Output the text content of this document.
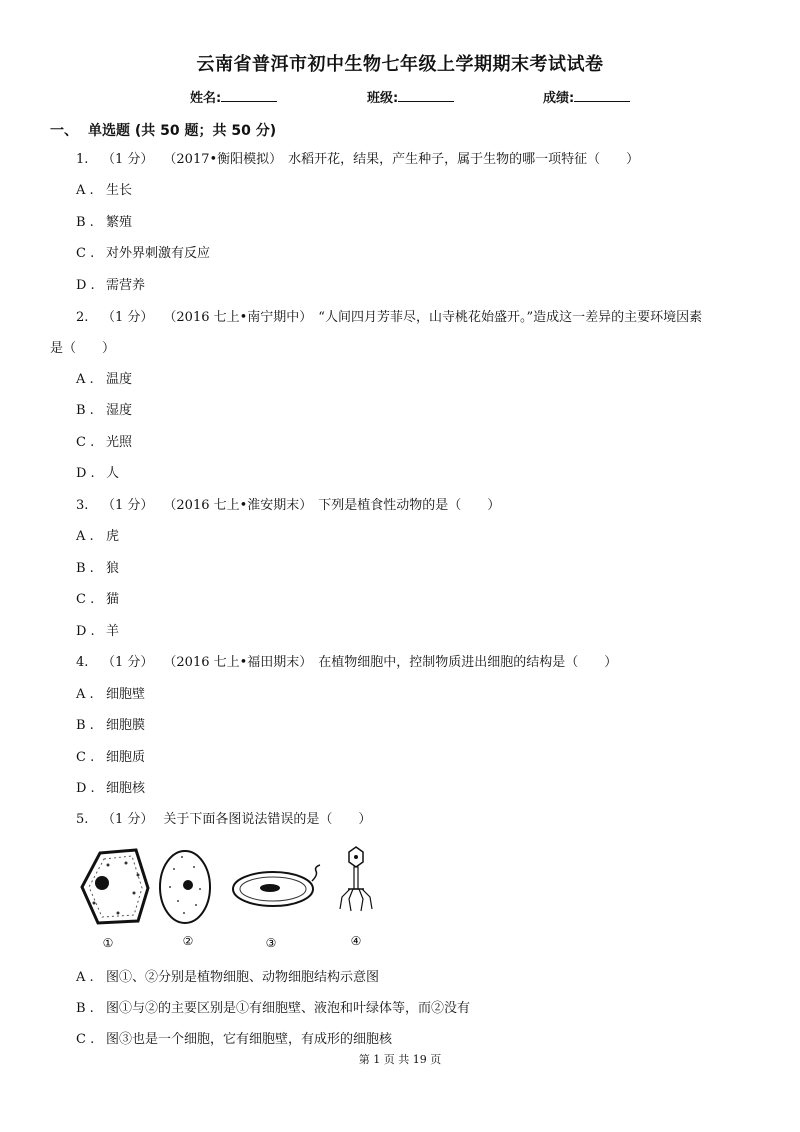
云南省普洱市初中生物七年级上学期期末考试试卷
姓名:	班级:	成绩:
一、 单选题 (共 50 题；共 50 分)
1. （1 分） （2017•衡阳模拟） 水稻开花，结果，产生种子，属于生物的哪一项特征（　　）
A . 生长
B . 繁殖
C . 对外界刺激有反应
D . 需营养
2. （1 分） （2016 七上•南宁期中） “人间四月芳菲尽，山寺桃花始盛开。”造成这一差异的主要环境因素
是（　　）
A . 温度
B . 湿度
C . 光照
D . 人
3. （1 分） （2016 七上•淮安期末） 下列是植食性动物的是（　　）
A . 虎
B . 狼
C . 猫
D . 羊
4. （1 分） （2016 七上•福田期末） 在植物细胞中，控制物质进出细胞的结构是（　　）
A . 细胞壁
B . 细胞膜
C . 细胞质
D . 细胞核
5. （1 分） 关于下面各图说法错误的是（　　）
①	②	③	④
A . 图①、②分别是植物细胞、动物细胞结构示意图
B . 图①与②的主要区别是①有细胞壁、液泡和叶绿体等，而②没有
C . 图③也是一个细胞，它有细胞壁，有成形的细胞核
第 1 页 共 19 页
